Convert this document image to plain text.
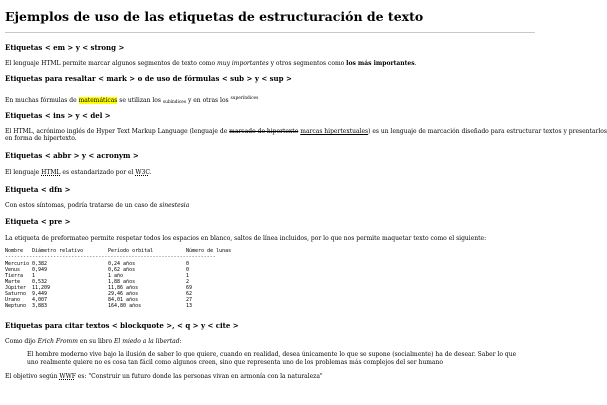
Ejemplos de uso de las etiquetas de estructuración de texto
Etiquetas < em > y < strong >
El lenguaje HTML permite marcar algunos segmentos de texto como muy importantes y otros segmentos como los más importantes.
Etiquetas para resaltar < mark > o de uso de fórmulas < sub > y < sup >
En muchas fórmulas de matemáticas se utilizan los $_{subíndices}$ y en otras los $^{superíndices}$
Etiquetas < ins > y < del >
El HTML, acrónimo inglés de Hyper Text Markup Language (lenguaje de marcado de hipertexto marcas hipertextuales) es un lenguaje de marcación diseñado para estructurar textos y presentarlos
en forma de hipertexto.
Etiquetas < abbr > y < acronym >
El lenguaje HTML es estandarizado por el W3C.
Etiqueta < dfn >
Con estos síntomas, podría tratarse de un caso de sinestesia
Etiqueta < pre >
La etiqueta de preformateo permite respetar todos los espacios en blanco, saltos de línea incluidos, por lo que nos permite maquetar texto como el siguiente:
Nombre Diámetro relativo	Período orbital	Número de lunas
----------------------------------------------------------------------
Mercurio 0,382	0,24 años	0
Venus 0,949	0,62 años	0
Tierra 1	1 año	1
Marte 0,532	1,88 años	2
Júpiter 11,209	11,86 años	69
Saturno 9,449	29,46 años	62
Urano 4,007	84,01 años	27
Neptuno 3,883	164,80 años	13
Etiquetas para citar textos < blockquote >, < q > y < cite >
Como dijo Erich Fromm en su libro El miedo a la libertad:
El hombre moderno vive bajo la ilusión de saber lo que quiere, cuando en realidad, desea únicamente lo que se supone (socialmente) ha de desear. Saber lo que uno realmente quiere no es cosa tan fácil como algunos creen, sino que representa uno de los problemas más complejos del ser humano
El objetivo según WWF es: "Construir un futuro donde las personas vivan en armonía con la naturaleza"
